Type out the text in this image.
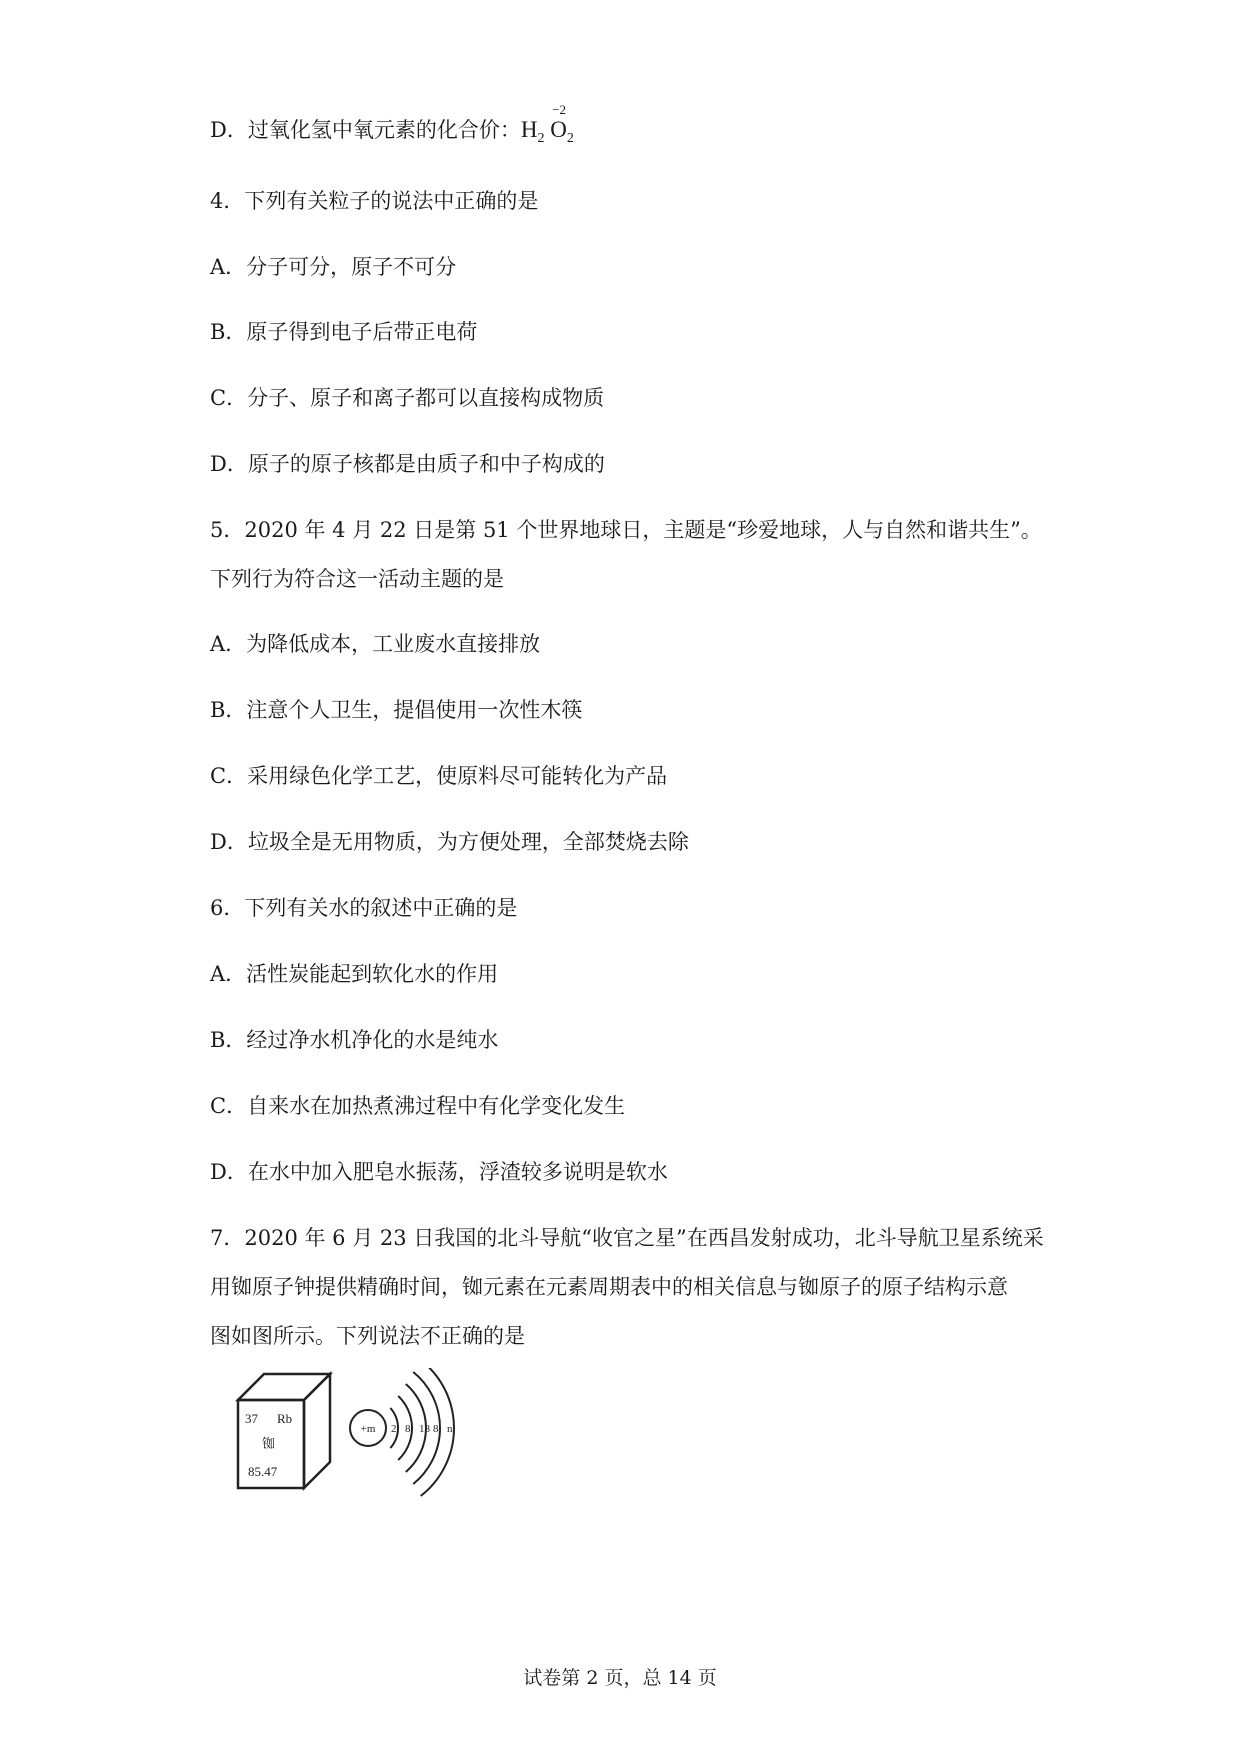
D．过氧化氢中氧元素的化合价：$H_2$
−2
$O_2$
4．下列有关粒子的说法中正确的是
A．分子可分，原子不可分
B．原子得到电子后带正电荷
C．分子、原子和离子都可以直接构成物质
D．原子的原子核都是由质子和中子构成的
5．2020 年 4 月 22 日是第 51 个世界地球日，主题是“珍爱地球，人与自然和谐共生”。
下列行为符合这一活动主题的是
A．为降低成本，工业废水直接排放
B．注意个人卫生，提倡使用一次性木筷
C．采用绿色化学工艺，使原料尽可能转化为产品
D．垃圾全是无用物质，为方便处理，全部焚烧去除
6．下列有关水的叙述中正确的是
A．活性炭能起到软化水的作用
B．经过净水机净化的水是纯水
C．自来水在加热煮沸过程中有化学变化发生
D．在水中加入肥皂水振荡，浮渣较多说明是软水
7．2020 年 6 月 23 日我国的北斗导航“收官之星”在西昌发射成功，北斗导航卫星系统采
用铷原子钟提供精确时间，铷元素在元素周期表中的相关信息与铷原子的原子结构示意
图如图所示。下列说法不正确的是
37 Rb
铷
85.47
+m 2 8 18 8 n
试卷第 2 页，总 14 页
